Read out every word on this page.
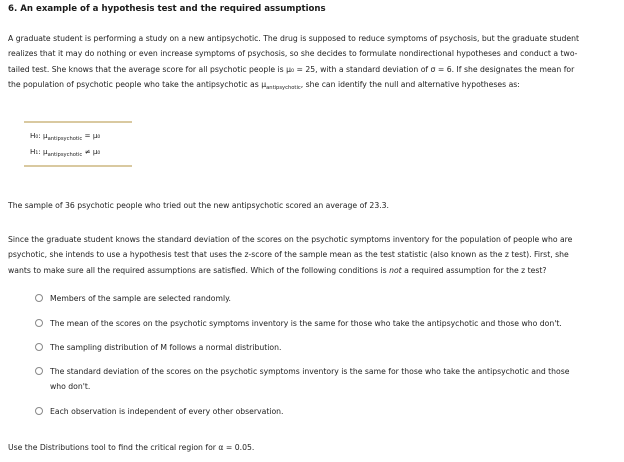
6. An example of a hypothesis test and the required assumptions
A graduate student is performing a study on a new antipsychotic. The drug is supposed to reduce symptoms of psychosis, but the graduate student
realizes that it may do nothing or even increase symptoms of psychosis, so she decides to formulate nondirectional hypotheses and conduct a two-
tailed test. She knows that the average score for all psychotic people is μ₀ = 25, with a standard deviation of σ = 6. If she designates the mean for
the population of psychotic people who take the antipsychotic as μantipsychotic, she can identify the null and alternative hypotheses as:
H₀: $\mu_{antipsychotic} = \mu_0$
H₁: $\mu_{antipsychotic} \ne \mu_0$
The sample of 36 psychotic people who tried out the new antipsychotic scored an average of 23.3.
Since the graduate student knows the standard deviation of the scores on the psychotic symptoms inventory for the population of people who are
psychotic, she intends to use a hypothesis test that uses the z-score of the sample mean as the test statistic (also known as the z test). First, she
wants to make sure all the required assumptions are satisfied. Which of the following conditions is not a required assumption for the z test?
Members of the sample are selected randomly.
The mean of the scores on the psychotic symptoms inventory is the same for those who take the antipsychotic and those who don't.
The sampling distribution of M follows a normal distribution.
The standard deviation of the scores on the psychotic symptoms inventory is the same for those who take the antipsychotic and those
who don't.
Each observation is independent of every other observation.
Use the Distributions tool to find the critical region for α = 0.05.
